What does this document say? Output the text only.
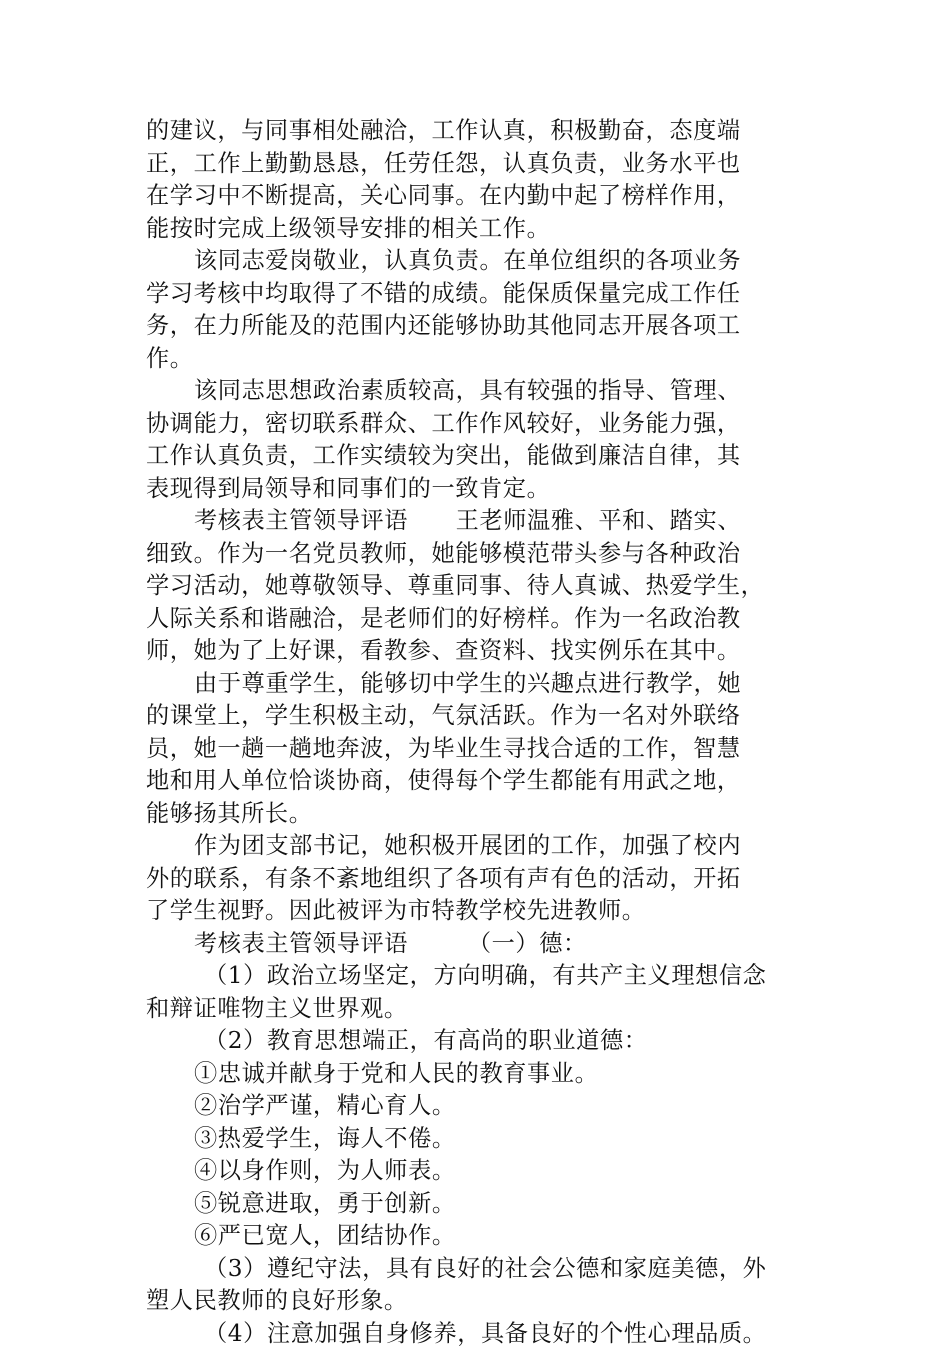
的建议，与同事相处融洽，工作认真，积极勤奋，态度端
正，工作上勤勤恳恳，任劳任怨，认真负责，业务水平也
在学习中不断提高，关心同事。在内勤中起了榜样作用，
能按时完成上级领导安排的相关工作。
该同志爱岗敬业，认真负责。在单位组织的各项业务
学习考核中均取得了不错的成绩。能保质保量完成工作任
务，在力所能及的范围内还能够协助其他同志开展各项工
作。
该同志思想政治素质较高，具有较强的指导、管理、
协调能力，密切联系群众、工作作风较好，业务能力强，
工作认真负责，工作实绩较为突出，能做到廉洁自律，其
表现得到局领导和同事们的一致肯定。
考核表主管领导评语　　王老师温雅、平和、踏实、
细致。作为一名党员教师，她能够模范带头参与各种政治
学习活动，她尊敬领导、尊重同事、待人真诚、热爱学生，
人际关系和谐融洽，是老师们的好榜样。作为一名政治教
师，她为了上好课，看教参、查资料、找实例乐在其中。
由于尊重学生，能够切中学生的兴趣点进行教学，她
的课堂上，学生积极主动，气氛活跃。作为一名对外联络
员，她一趟一趟地奔波，为毕业生寻找合适的工作，智慧
地和用人单位恰谈协商，使得每个学生都能有用武之地，
能够扬其所长。
作为团支部书记，她积极开展团的工作，加强了校内
外的联系，有条不紊地组织了各项有声有色的活动，开拓
了学生视野。因此被评为市特教学校先进教师。
考核表主管领导评语　　　（一）德：
（1）政治立场坚定，方向明确，有共产主义理想信念
和辩证唯物主义世界观。
（2）教育思想端正，有高尚的职业道德：
①忠诚并献身于党和人民的教育事业。
②治学严谨，精心育人。
③热爱学生，诲人不倦。
④以身作则，为人师表。
⑤锐意进取，勇于创新。
⑥严已宽人，团结协作。
（3）遵纪守法，具有良好的社会公德和家庭美德，外
塑人民教师的良好形象。
（4）注意加强自身修养，具备良好的个性心理品质。
